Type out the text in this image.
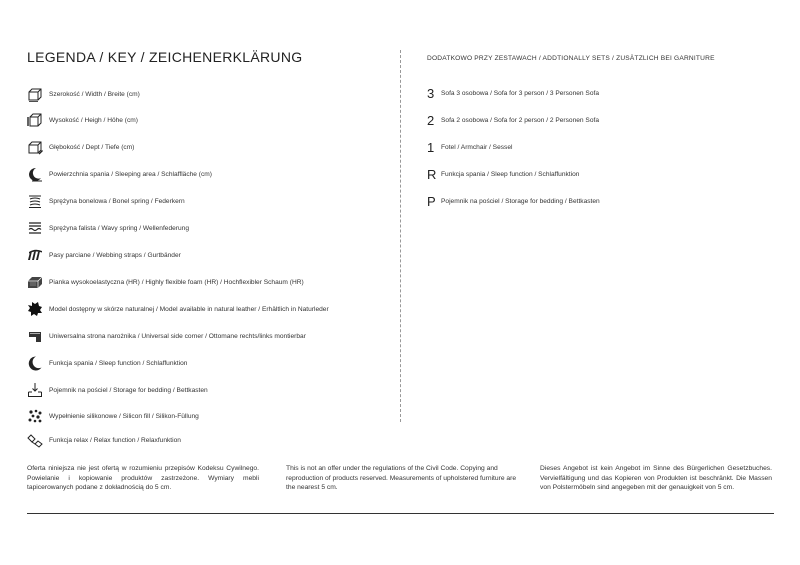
LEGENDA / KEY / ZEICHENERKLÄRUNG
Szerokość / Width / Breite (cm)
Wysokość / Heigh / Höhe (cm)
Głębokość / Dept / Tiefe (cm)
Powierzchnia spania / Sleeping area / Schlaffläche (cm)
Sprężyna bonelowa / Bonel spring / Federkern
Sprężyna falista / Wavy spring / Wellenfederung
Pasy parciane / Webbing straps / Gurtbänder
Pianka wysokoelastyczna (HR) / Highly flexible foam (HR) / Hochflexibler Schaum (HR)
Model dostępny w skórze naturalnej / Model available in natural leather / Erhältlich in Naturleder
Uniwersalna strona narożnika / Universal side corner / Ottomane rechts/links montierbar
Funkcja spania / Sleep function / Schlaffunktion
Pojemnik na pościel / Storage for bedding / Bettkasten
Wypełnienie silikonowe / Silicon fill / Silikon-Füllung
Funkcja relax / Relax function / Relaxfunktion
DODATKOWO PRZY ZESTAWACH / ADDTIONALLY SETS / ZUSÄTZLICH BEI GARNITURE
3	Sofa 3 osobowa / Sofa for 3 person / 3 Personen Sofa
2	Sofa 2 osobowa / Sofa for 2 person / 2 Personen Sofa
1	Fotel / Armchair / Sessel
R Funkcja spania / Sleep function / Schlaffunktion
P Pojemnik na pościel / Storage for bedding / Bettkasten
Oferta niniejsza nie jest ofertą w rozumieniu przepisów Kodeksu Cywilnego. Powielanie i kopiowanie produktów zastrzeżone. Wymiary mebli tapicerowanych podane z dokładnością do 5 cm.
This is not an offer under the regulations of the Civil Code. Copying and reproduction of products reserved. Measurements of upholstered furniture are the nearest 5 cm.
Dieses Angebot ist kein Angebot im Sinne des Bürgerlichen Gesetzbuches. Vervielfältigung und das Kopieren von Produkten ist beschränkt. Die Massen von Polstermöbeln sind angegeben mit der genauigkeit von 5 cm.
